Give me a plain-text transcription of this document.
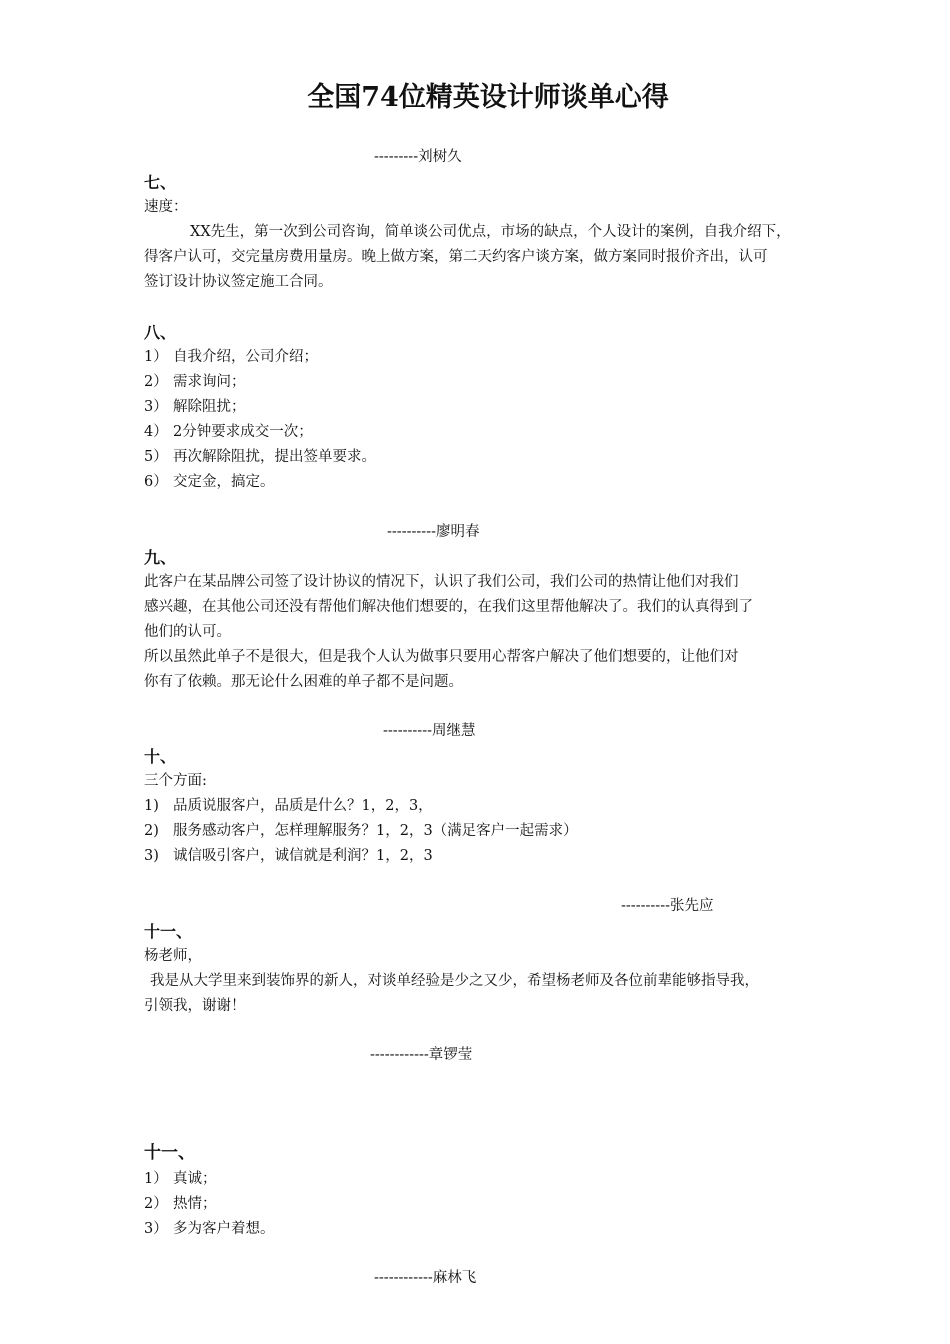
全国74位精英设计师谈单心得
---------刘树久
七、
速度：
XX先生，第一次到公司咨询，简单谈公司优点，市场的缺点，个人设计的案例，自我介绍下，
得客户认可，交完量房费用量房。晚上做方案，第二天约客户谈方案，做方案同时报价齐出，认可
签订设计协议签定施工合同。
八、
1） 自我介绍，公司介绍；
2） 需求询问；
3） 解除阻扰；
4） 2分钟要求成交一次；
5） 再次解除阻扰，提出签单要求。
6） 交定金，搞定。
----------廖明春
九、
此客户在某品牌公司签了设计协议的情况下，认识了我们公司，我们公司的热情让他们对我们
感兴趣，在其他公司还没有帮他们解决他们想要的，在我们这里帮他解决了。我们的认真得到了
他们的认可。
所以虽然此单子不是很大，但是我个人认为做事只要用心帮客户解决了他们想要的，让他们对
你有了依赖。那无论什么困难的单子都不是问题。
----------周继慧
十、
三个方面:
1) 品质说服客户，品质是什么？1，2，3，
2) 服务感动客户，怎样理解服务？1，2，3（满足客户一起需求）
3) 诚信吸引客户，诚信就是利润？1，2，3
----------张先应
十一、
杨老师，
我是从大学里来到装饰界的新人，对谈单经验是少之又少，希望杨老师及各位前辈能够指导我，
引领我，谢谢！
------------章锣莹
十一、
1） 真诚；
2） 热情；
3） 多为客户着想。
------------麻林飞
